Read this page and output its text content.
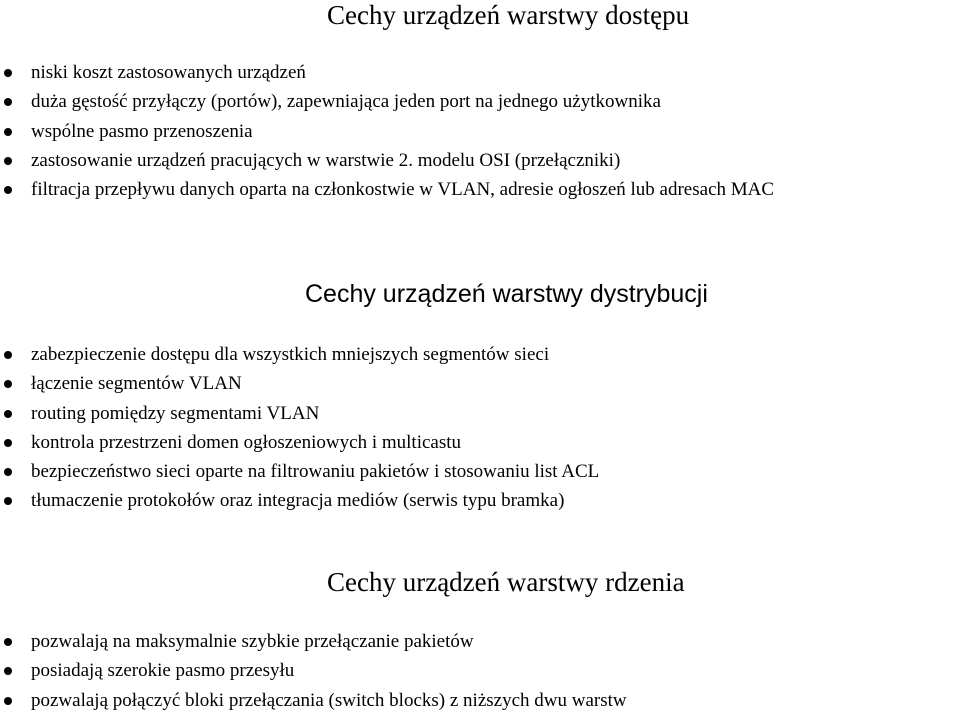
Cechy urządzeń warstwy dostępu
niski koszt zastosowanych urządzeń
duża gęstość przyłączy (portów), zapewniająca jeden port na jednego użytkownika
wspólne pasmo przenoszenia
zastosowanie urządzeń pracujących w warstwie 2. modelu OSI (przełączniki)
filtracja przepływu danych oparta na członkostwie w VLAN, adresie ogłoszeń lub adresach MAC
Cechy urządzeń warstwy dystrybucji
zabezpieczenie dostępu dla wszystkich mniejszych segmentów sieci
łączenie segmentów VLAN
routing pomiędzy segmentami VLAN
kontrola przestrzeni domen ogłoszeniowych i multicastu
bezpieczeństwo sieci oparte na filtrowaniu pakietów i stosowaniu list ACL
tłumaczenie protokołów oraz integracja mediów (serwis typu bramka)
Cechy urządzeń warstwy rdzenia
pozwalają na maksymalnie szybkie przełączanie pakietów
posiadają szerokie pasmo przesyłu
pozwalają połączyć bloki przełączania (switch blocks) z niższych dwu warstw
